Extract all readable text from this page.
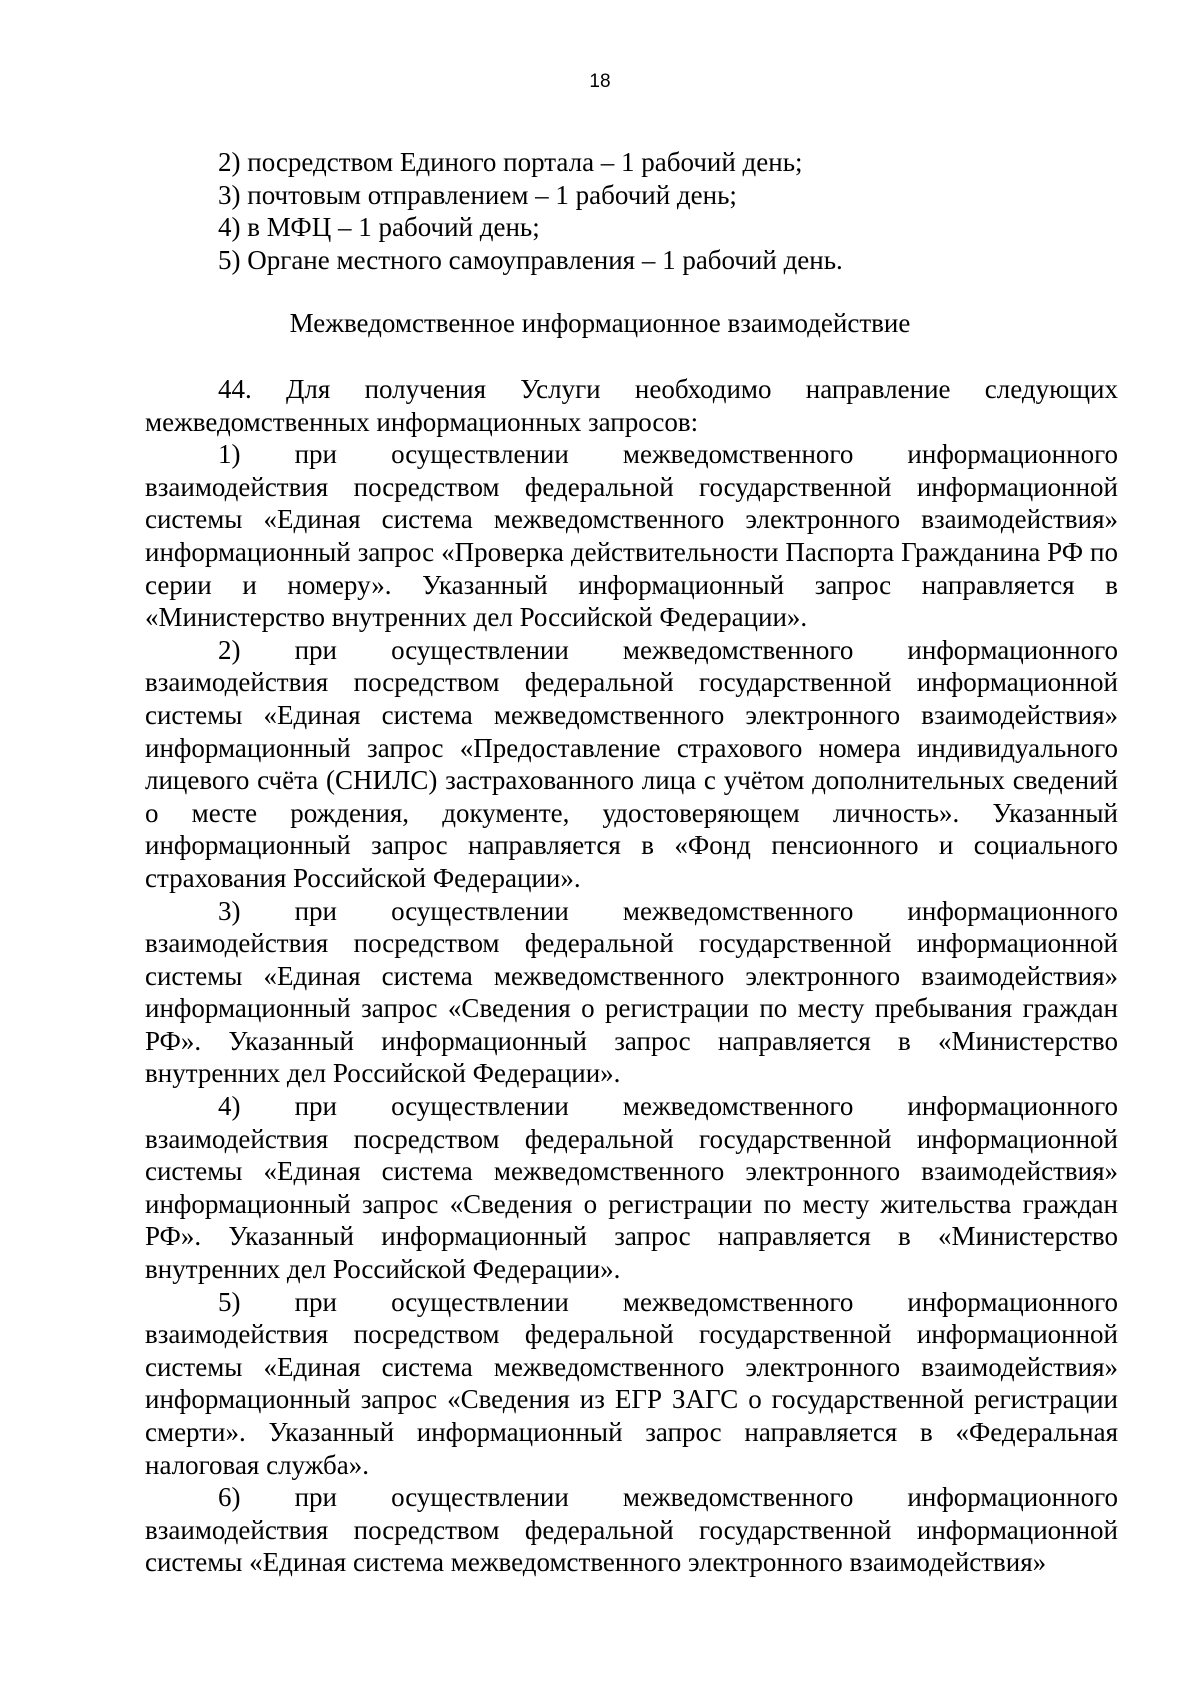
18
2) посредством Единого портала – 1 рабочий день;
3) почтовым отправлением – 1 рабочий день;
4) в МФЦ – 1 рабочий день;
5) Органе местного самоуправления – 1 рабочий день.
Межведомственное информационное взаимодействие

44. Для получения Услуги необходимо направление следующих межведомственных информационных запросов:

1) при осуществлении межведомственного информационного взаимодействия посредством федеральной государственной информационной системы «Единая система межведомственного электронного взаимодействия» информационный запрос «Проверка действительности Паспорта Гражданина РФ по серии и номеру». Указанный информационный запрос направляется в «Министерство внутренних дел Российской Федерации».

2) при осуществлении межведомственного информационного взаимодействия посредством федеральной государственной информационной системы «Единая система межведомственного электронного взаимодействия» информационный запрос «Предоставление страхового номера индивидуального лицевого счёта (СНИЛС) застрахованного лица с учётом дополнительных сведений о месте рождения, документе, удостоверяющем личность». Указанный информационный запрос направляется в «Фонд пенсионного и социального страхования Российской Федерации».

3) при осуществлении межведомственного информационного взаимодействия посредством федеральной государственной информационной системы «Единая система межведомственного электронного взаимодействия» информационный запрос «Сведения о регистрации по месту пребывания граждан РФ». Указанный информационный запрос направляется в «Министерство внутренних дел Российской Федерации».

4) при осуществлении межведомственного информационного взаимодействия посредством федеральной государственной информационной системы «Единая система межведомственного электронного взаимодействия» информационный запрос «Сведения о регистрации по месту жительства граждан РФ». Указанный информационный запрос направляется в «Министерство внутренних дел Российской Федерации».

5) при осуществлении межведомственного информационного взаимодействия посредством федеральной государственной информационной системы «Единая система межведомственного электронного взаимодействия» информационный запрос «Сведения из ЕГР ЗАГС о государственной регистрации смерти». Указанный информационный запрос направляется в «Федеральная налоговая служба».

6) при осуществлении межведомственного информационного взаимодействия посредством федеральной государственной информационной системы «Единая система межведомственного электронного взаимодействия»
